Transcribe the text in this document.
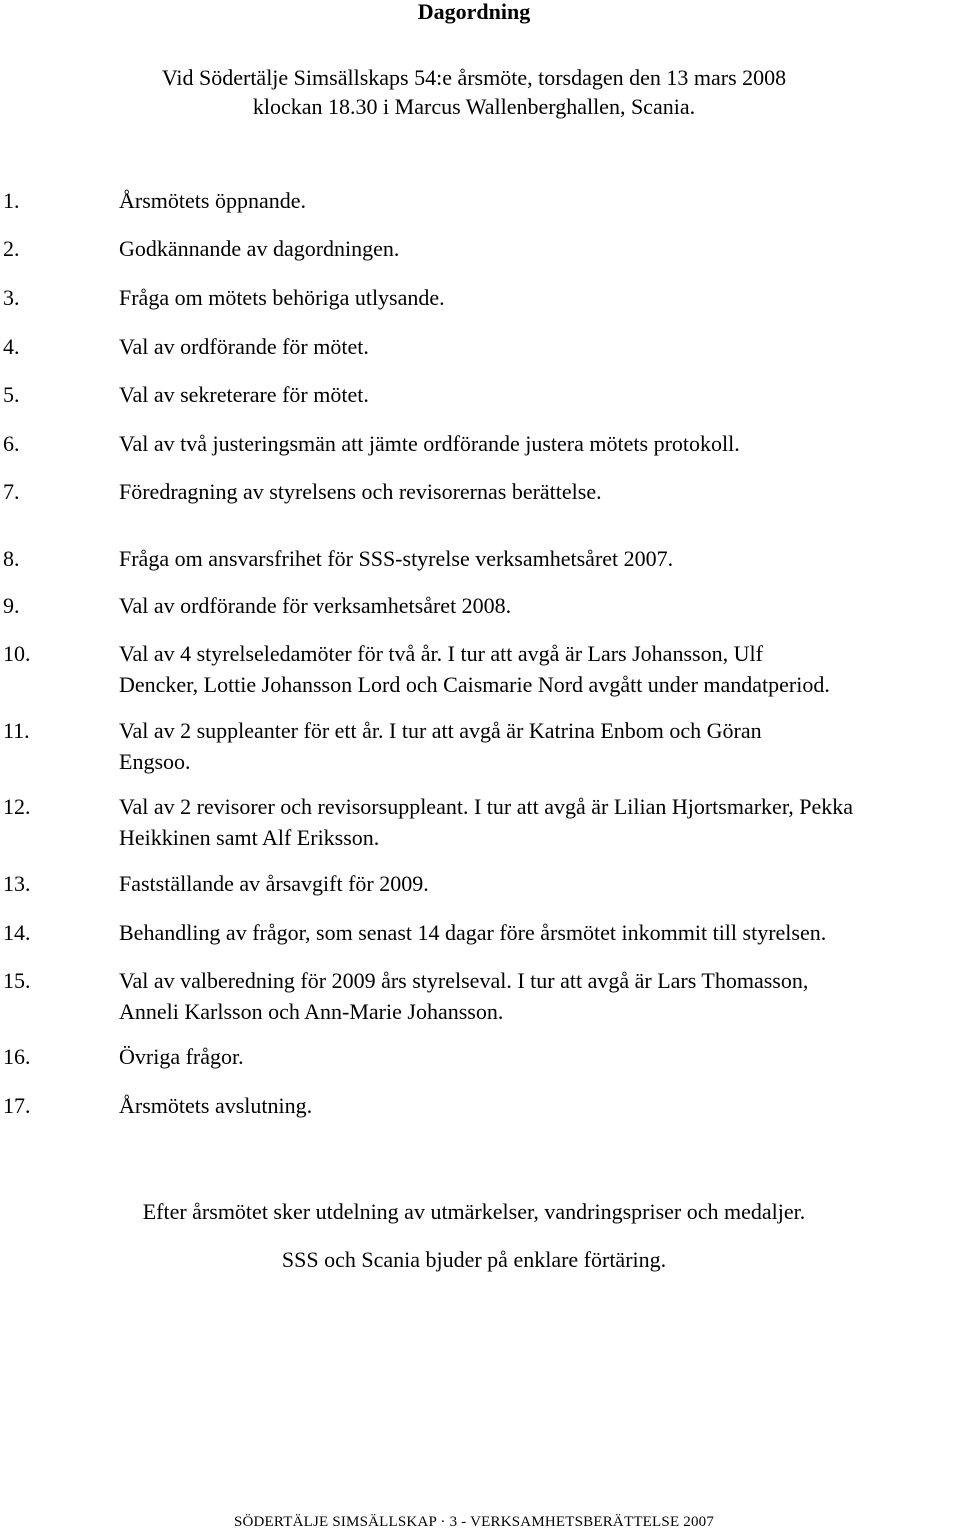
Dagordning
Vid Södertälje Simsällskaps 54:e årsmöte, torsdagen den 13 mars 2008
klockan 18.30 i Marcus Wallenberghallen, Scania.
1.	Årsmötets öppnande.
2.	Godkännande av dagordningen.
3.	Fråga om mötets behöriga utlysande.
4.	Val av ordförande för mötet.
5.	Val av sekreterare för mötet.
6.	Val av två justeringsmän att jämte ordförande justera mötets protokoll.
7.	Föredragning av styrelsens och revisorernas berättelse.
8.	Fråga om ansvarsfrihet för SSS-styrelse verksamhetsåret 2007.
9.	Val av ordförande för verksamhetsåret 2008.
10.	Val av 4 styrelseledamöter för två år. I tur att avgå är Lars Johansson, Ulf
Dencker, Lottie Johansson Lord och Caismarie Nord avgått under mandatperiod.
11.	Val av 2 suppleanter för ett år. I tur att avgå är Katrina Enbom och Göran
Engsoo.
12.	Val av 2 revisorer och revisorsuppleant. I tur att avgå är Lilian Hjortsmarker, Pekka
Heikkinen samt Alf Eriksson.
13.	Fastställande av årsavgift för 2009.
14.	Behandling av frågor, som senast 14 dagar före årsmötet inkommit till styrelsen.
15.	Val av valberedning för 2009 års styrelseval. I tur att avgå är Lars Thomasson,
Anneli Karlsson och Ann-Marie Johansson.
16.	Övriga frågor.
17.	Årsmötets avslutning.
Efter årsmötet sker utdelning av utmärkelser, vandringspriser och medaljer.
SSS och Scania bjuder på enklare förtäring.
SÖDERTÄLJE SIMSÄLLSKAP · 3 - VERKSAMHETSBERÄTTELSE 2007
